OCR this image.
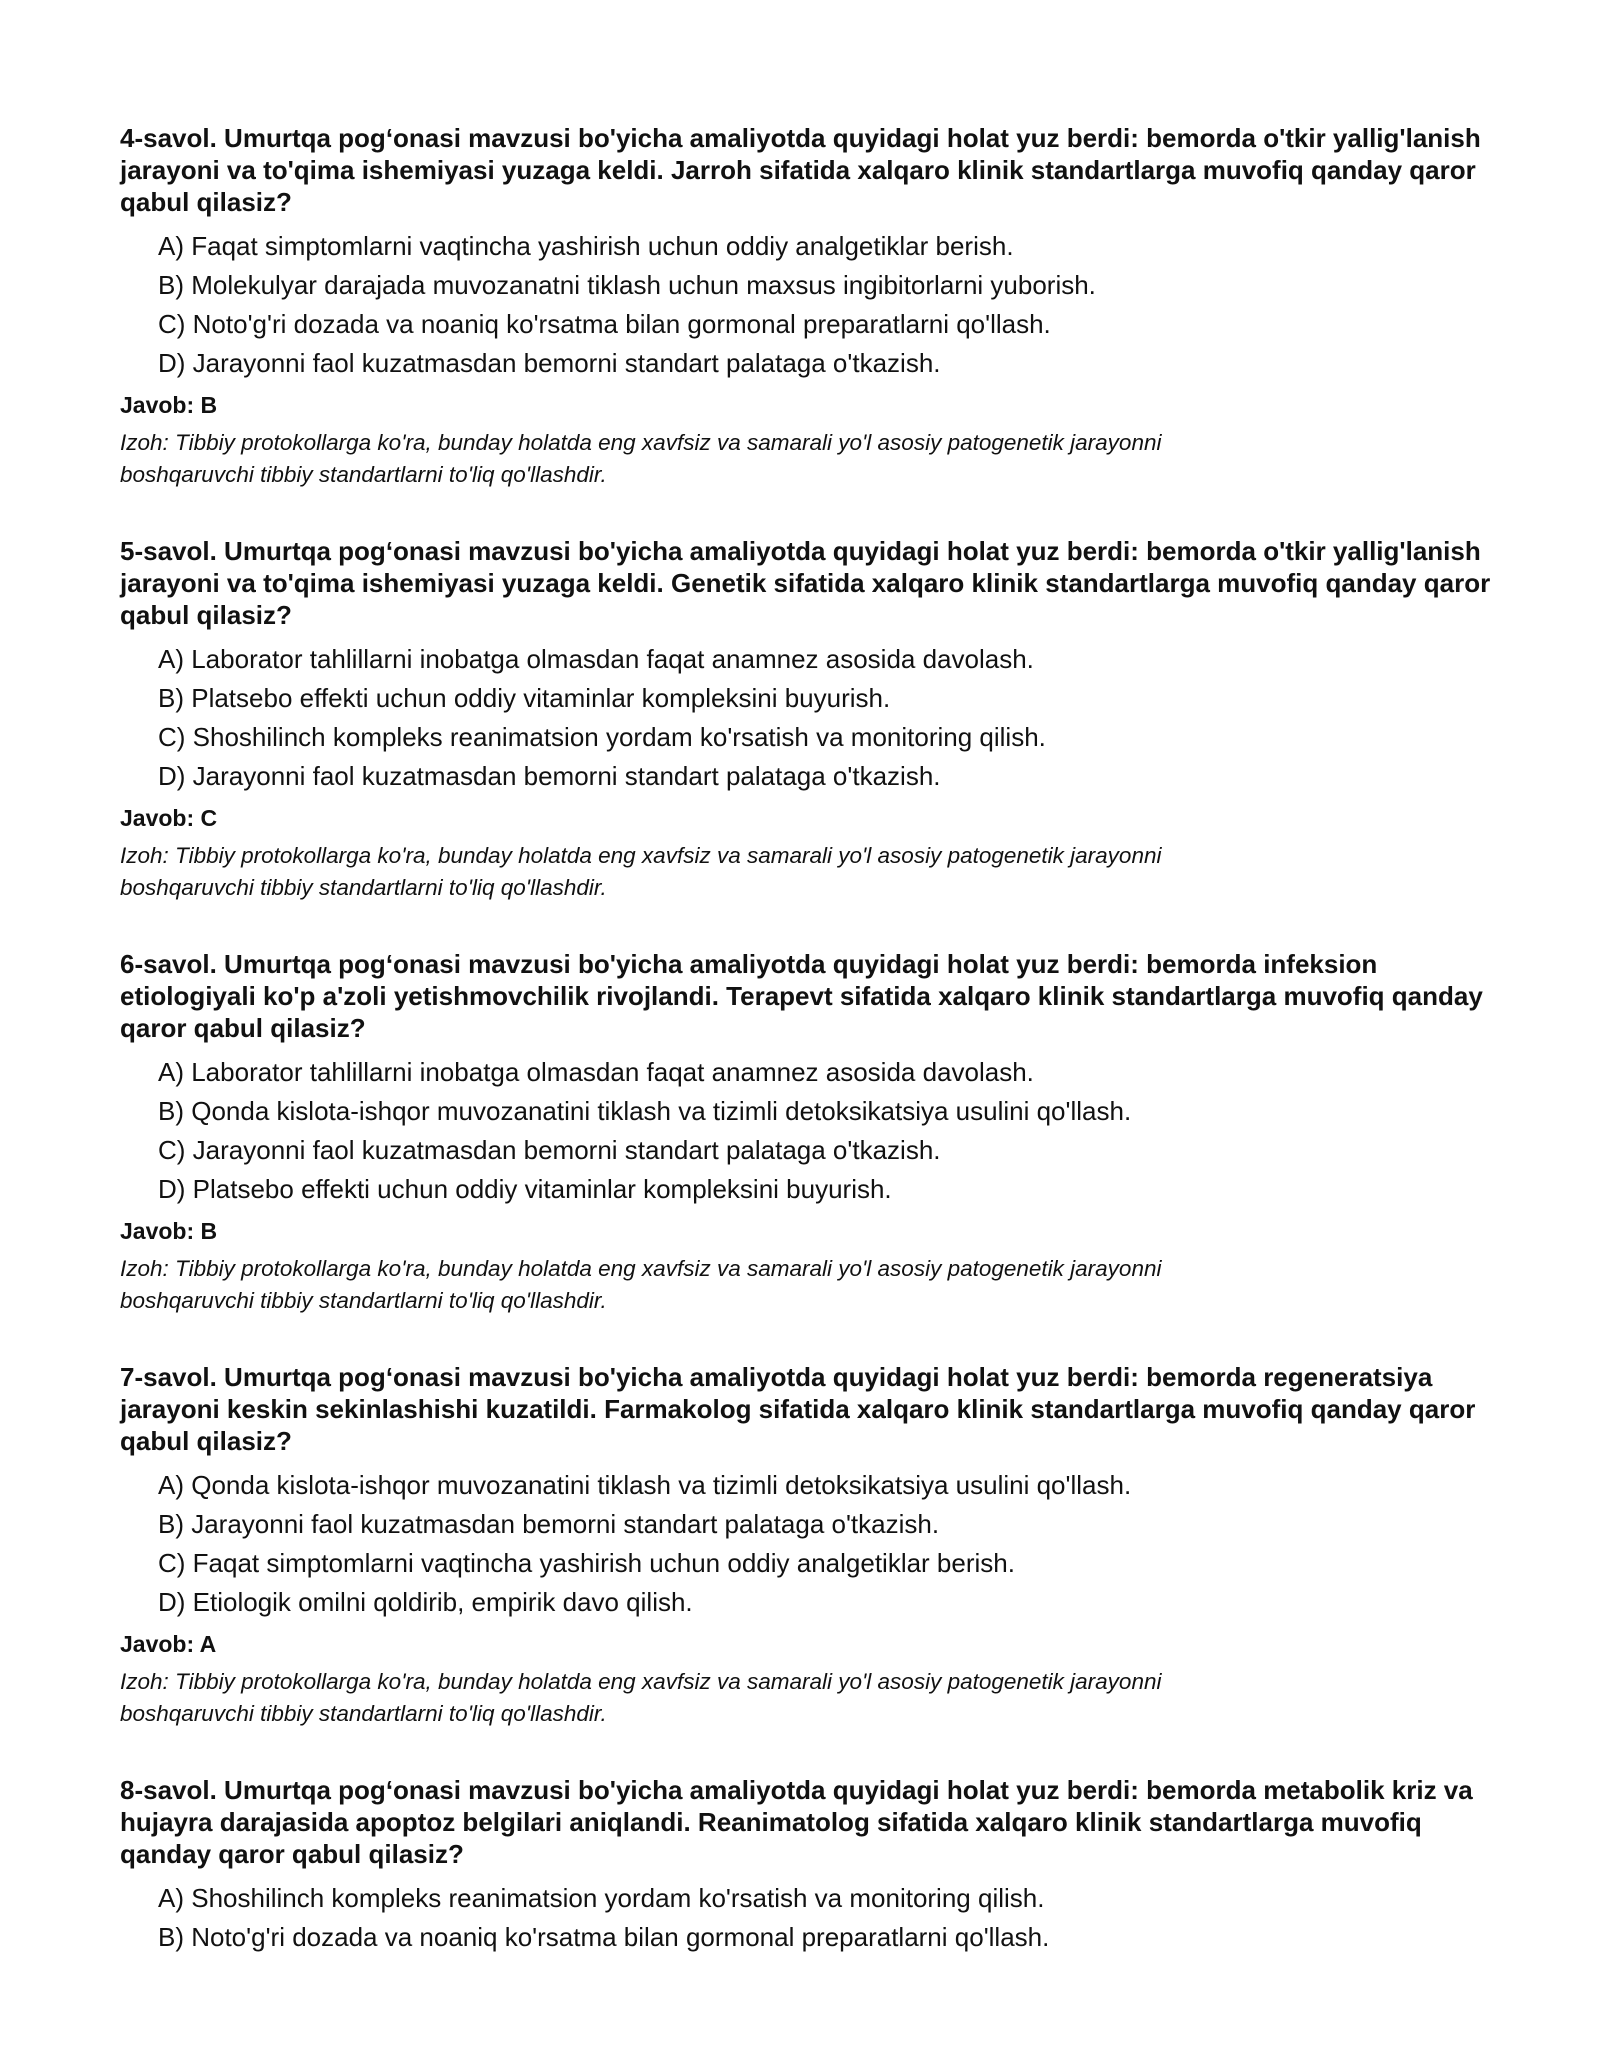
4-savol. Umurtqa pog‘onasi mavzusi bo'yicha amaliyotda quyidagi holat yuz berdi: bemorda o'tkir yallig'lanish jarayoni va to'qima ishemiyasi yuzaga keldi. Jarroh sifatida xalqaro klinik standartlarga muvofiq qanday qaror qabul qilasiz?
A) Faqat simptomlarni vaqtincha yashirish uchun oddiy analgetiklar berish.
B) Molekulyar darajada muvozanatni tiklash uchun maxsus ingibitorlarni yuborish.
C) Noto'g'ri dozada va noaniq ko'rsatma bilan gormonal preparatlarni qo'llash.
D) Jarayonni faol kuzatmasdan bemorni standart palataga o'tkazish.
Javob: B
Izoh: Tibbiy protokollarga ko'ra, bunday holatda eng xavfsiz va samarali yo'l asosiy patogenetik jarayonni
boshqaruvchi tibbiy standartlarni to'liq qo'llashdir.
5-savol. Umurtqa pog‘onasi mavzusi bo'yicha amaliyotda quyidagi holat yuz berdi: bemorda o'tkir yallig'lanish jarayoni va to'qima ishemiyasi yuzaga keldi. Genetik sifatida xalqaro klinik standartlarga muvofiq qanday qaror qabul qilasiz?
A) Laborator tahlillarni inobatga olmasdan faqat anamnez asosida davolash.
B) Platsebo effekti uchun oddiy vitaminlar kompleksini buyurish.
C) Shoshilinch kompleks reanimatsion yordam ko'rsatish va monitoring qilish.
D) Jarayonni faol kuzatmasdan bemorni standart palataga o'tkazish.
Javob: C
Izoh: Tibbiy protokollarga ko'ra, bunday holatda eng xavfsiz va samarali yo'l asosiy patogenetik jarayonni
boshqaruvchi tibbiy standartlarni to'liq qo'llashdir.
6-savol. Umurtqa pog‘onasi mavzusi bo'yicha amaliyotda quyidagi holat yuz berdi: bemorda infeksion etiologiyali ko'p a'zoli yetishmovchilik rivojlandi. Terapevt sifatida xalqaro klinik standartlarga muvofiq qanday qaror qabul qilasiz?
A) Laborator tahlillarni inobatga olmasdan faqat anamnez asosida davolash.
B) Qonda kislota-ishqor muvozanatini tiklash va tizimli detoksikatsiya usulini qo'llash.
C) Jarayonni faol kuzatmasdan bemorni standart palataga o'tkazish.
D) Platsebo effekti uchun oddiy vitaminlar kompleksini buyurish.
Javob: B
Izoh: Tibbiy protokollarga ko'ra, bunday holatda eng xavfsiz va samarali yo'l asosiy patogenetik jarayonni
boshqaruvchi tibbiy standartlarni to'liq qo'llashdir.
7-savol. Umurtqa pog‘onasi mavzusi bo'yicha amaliyotda quyidagi holat yuz berdi: bemorda regeneratsiya jarayoni keskin sekinlashishi kuzatildi. Farmakolog sifatida xalqaro klinik standartlarga muvofiq qanday qaror qabul qilasiz?
A) Qonda kislota-ishqor muvozanatini tiklash va tizimli detoksikatsiya usulini qo'llash.
B) Jarayonni faol kuzatmasdan bemorni standart palataga o'tkazish.
C) Faqat simptomlarni vaqtincha yashirish uchun oddiy analgetiklar berish.
D) Etiologik omilni qoldirib, empirik davo qilish.
Javob: A
Izoh: Tibbiy protokollarga ko'ra, bunday holatda eng xavfsiz va samarali yo'l asosiy patogenetik jarayonni
boshqaruvchi tibbiy standartlarni to'liq qo'llashdir.
8-savol. Umurtqa pog‘onasi mavzusi bo'yicha amaliyotda quyidagi holat yuz berdi: bemorda metabolik kriz va hujayra darajasida apoptoz belgilari aniqlandi. Reanimatolog sifatida xalqaro klinik standartlarga muvofiq qanday qaror qabul qilasiz?
A) Shoshilinch kompleks reanimatsion yordam ko'rsatish va monitoring qilish.
B) Noto'g'ri dozada va noaniq ko'rsatma bilan gormonal preparatlarni qo'llash.
